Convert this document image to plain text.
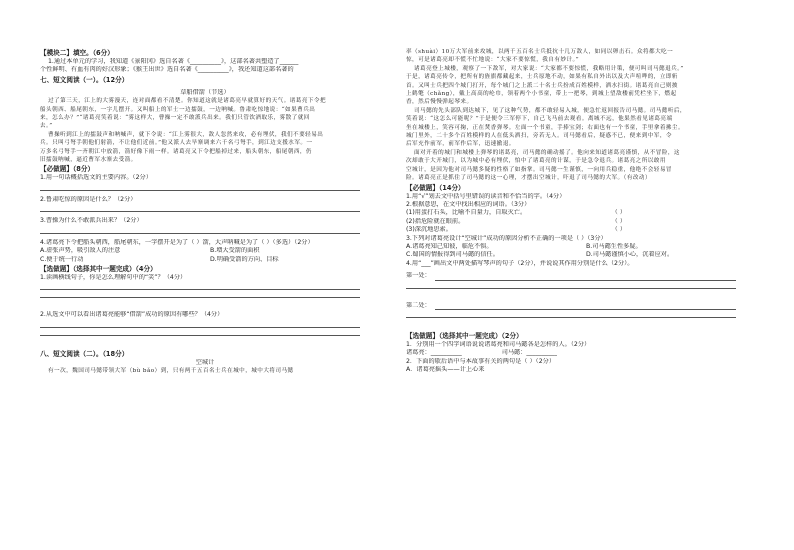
【模块二】填空。（6分）
1.通过本单元的学习，我知道《景阳冈》选自名著《__________》，这部名著共塑造了______
个性鲜明、有血有肉的好汉形象；《猴王出世》选自名著《__________》，我还知道这部名著的
七、短文阅读（一）。（12分）
草船借箭（节选）
过了第三天，江上的大雾漫天，连对面都看不清楚。你知道这就是诸葛亮早就算好的天气。诸葛亮下令把
船头朝西、船尾朝东，一字儿摆开。又叫船上的军士一边擂鼓，一边呐喊。鲁肃吃惊地说：“如果曹兵出
来，怎么办？”“诸葛亮笑着说：“雾这样大，曹操一定不敢派兵出来。我们只管饮酒取乐，雾散了就回
去。”
曹操听到江上的擂鼓声和呐喊声，就下令说：“江上雾很大，敌人忽然来攻，必有埋伏，我们不要轻易出
兵。只叫弓弩手朝他们射箭，不让他们近前。”他又派人去旱寨调来六千名弓弩手，到江边支援水军。一
万多名弓弩手一齐朝江中放箭，箭好像下雨一样。诸葛亮又下令把船掉过来，船头朝东，船尾朝西，仍
旧擂鼓呐喊，逼近曹军水寨去受箭。
【必做题】（8分）
1.用一句话概括选文的主要内容。（2分）
2.鲁肃吃惊的原因是什么？（2分）
3.曹操为什么不敢派兵出来？（2分）
4.诸葛亮下令把船头朝西，船尾朝东，一字摆开是为了（ ）箭，大声呐喊是为了（ ）（多选）（2分）
A.虚张声势，吸引敌人的注意	B.增大受箭的面积
C.便于统一行动	D.明确受箭的方向、目标
【选做题】（选择其中一题完成）（4分）
1.读画横线句子，你是怎么理解句中的“笑”？（4分）
2.从选文中可以看出诸葛亮能够“借箭”成功的原因有哪些？（4分）
八、短文阅读（二）。（18分）
空城计
有一次，魏国司马懿带领大军（bù bǎo）到，只有两千五百名士兵在城中，城中大将司马懿
率（shuài）10万大军前来攻城，以两千五百名士兵抵抗十几万敌人，如同以卵击石。众将都大吃一
惊，可是诸葛亮却不慌不忙地说：“大家不要惊慌，我自有妙计。”
诸葛亮登上城楼，观察了一下敌军，对大家说：“大家都不要惊慌，我略用计策，便可叫司马懿退兵。”
于是，诸葛亮传令，把所有的旌旗都藏起来，士兵原地不动，如果有私自外出以及大声喧哗的，立即斩
首。又叫士兵把四个城门打开，每个城门之上派二十名士兵扮成百姓模样，洒水扫街。诸葛亮自己则披
上鹤氅（chǎng），戴上高高的纶巾，领着两个小书童，带上一把琴，到城上望敌楼前凭栏坐下，燃起
香，然后慢慢弹起琴来。
司马懿的先头部队到达城下，见了这种气势，都不敢轻易入城，便急忙返回报告司马懿。司马懿听后，
笑着说：“这怎么可能呢？”于是便令三军停下，自己飞马前去观看。离城不远，他果然看见诸葛亮端
坐在城楼上，笑容可掬，正在焚香弹琴。左面一个书童，手捧宝剑；右面也有一个书童，手里拿着拂尘。
城门里外，二十多个百姓模样的人在低头洒扫，旁若无人。司马懿看后，疑惑不已，便来到中军，令
后军充作前军，前军作后军，迅速撤退。
面对开着的城门和城楼上弹琴的诸葛亮，司马懿的确动摇了。他向来知道诸葛亮谨慎，从不冒险，这
次却敢于大开城门，以为城中必有埋伏，怕中了诸葛亮的计谋，于是急令退兵。诸葛亮之所以敢用
空城计，是因为他对司马懿多疑的性格了如指掌。司马懿一生谨慎，一向用兵稳重，他绝不会轻易冒
险。诸葛亮正是抓住了司马懿的这一心理，才摆出空城计，吓退了司马懿的大军。（有改动）
【必做题】（14分）
1.用“√”划去文中括号里错误的读音和不恰当的字。（4分）
2.根据意思，在文中找出相应的词语。（3分）
(1)用蛋打石头，比喻不自量力，自取灭亡。	（ ）
(2)指危险就在眼前。	（ ）
(3)深沉地思索。	（ ）
3.下列对诸葛亮设计“空城计”成功的原因分析不正确的一项是（ ）（3分）
A.诸葛亮知己知彼，临危不惧。	B.司马懿生性多疑。
C.蜀国的情报得到司马懿的信任。	D.司马懿谨慎小心，沉着应对。
4.用“___”画出文中两处描写琴声的句子（2分），并说说其作用分别是什么（2分）。
第一处：
第二处：
【选做题】（选择其中一题完成）（2分）
1．分别用一个四字词语说说诸葛亮和司马懿各是怎样的人。（2分）
诸葛亮：__________	司马懿：__________
2．下面的歇后语中与本故事有关的两句是（ ）（2分）
A．诸葛亮摇头——计上心来
